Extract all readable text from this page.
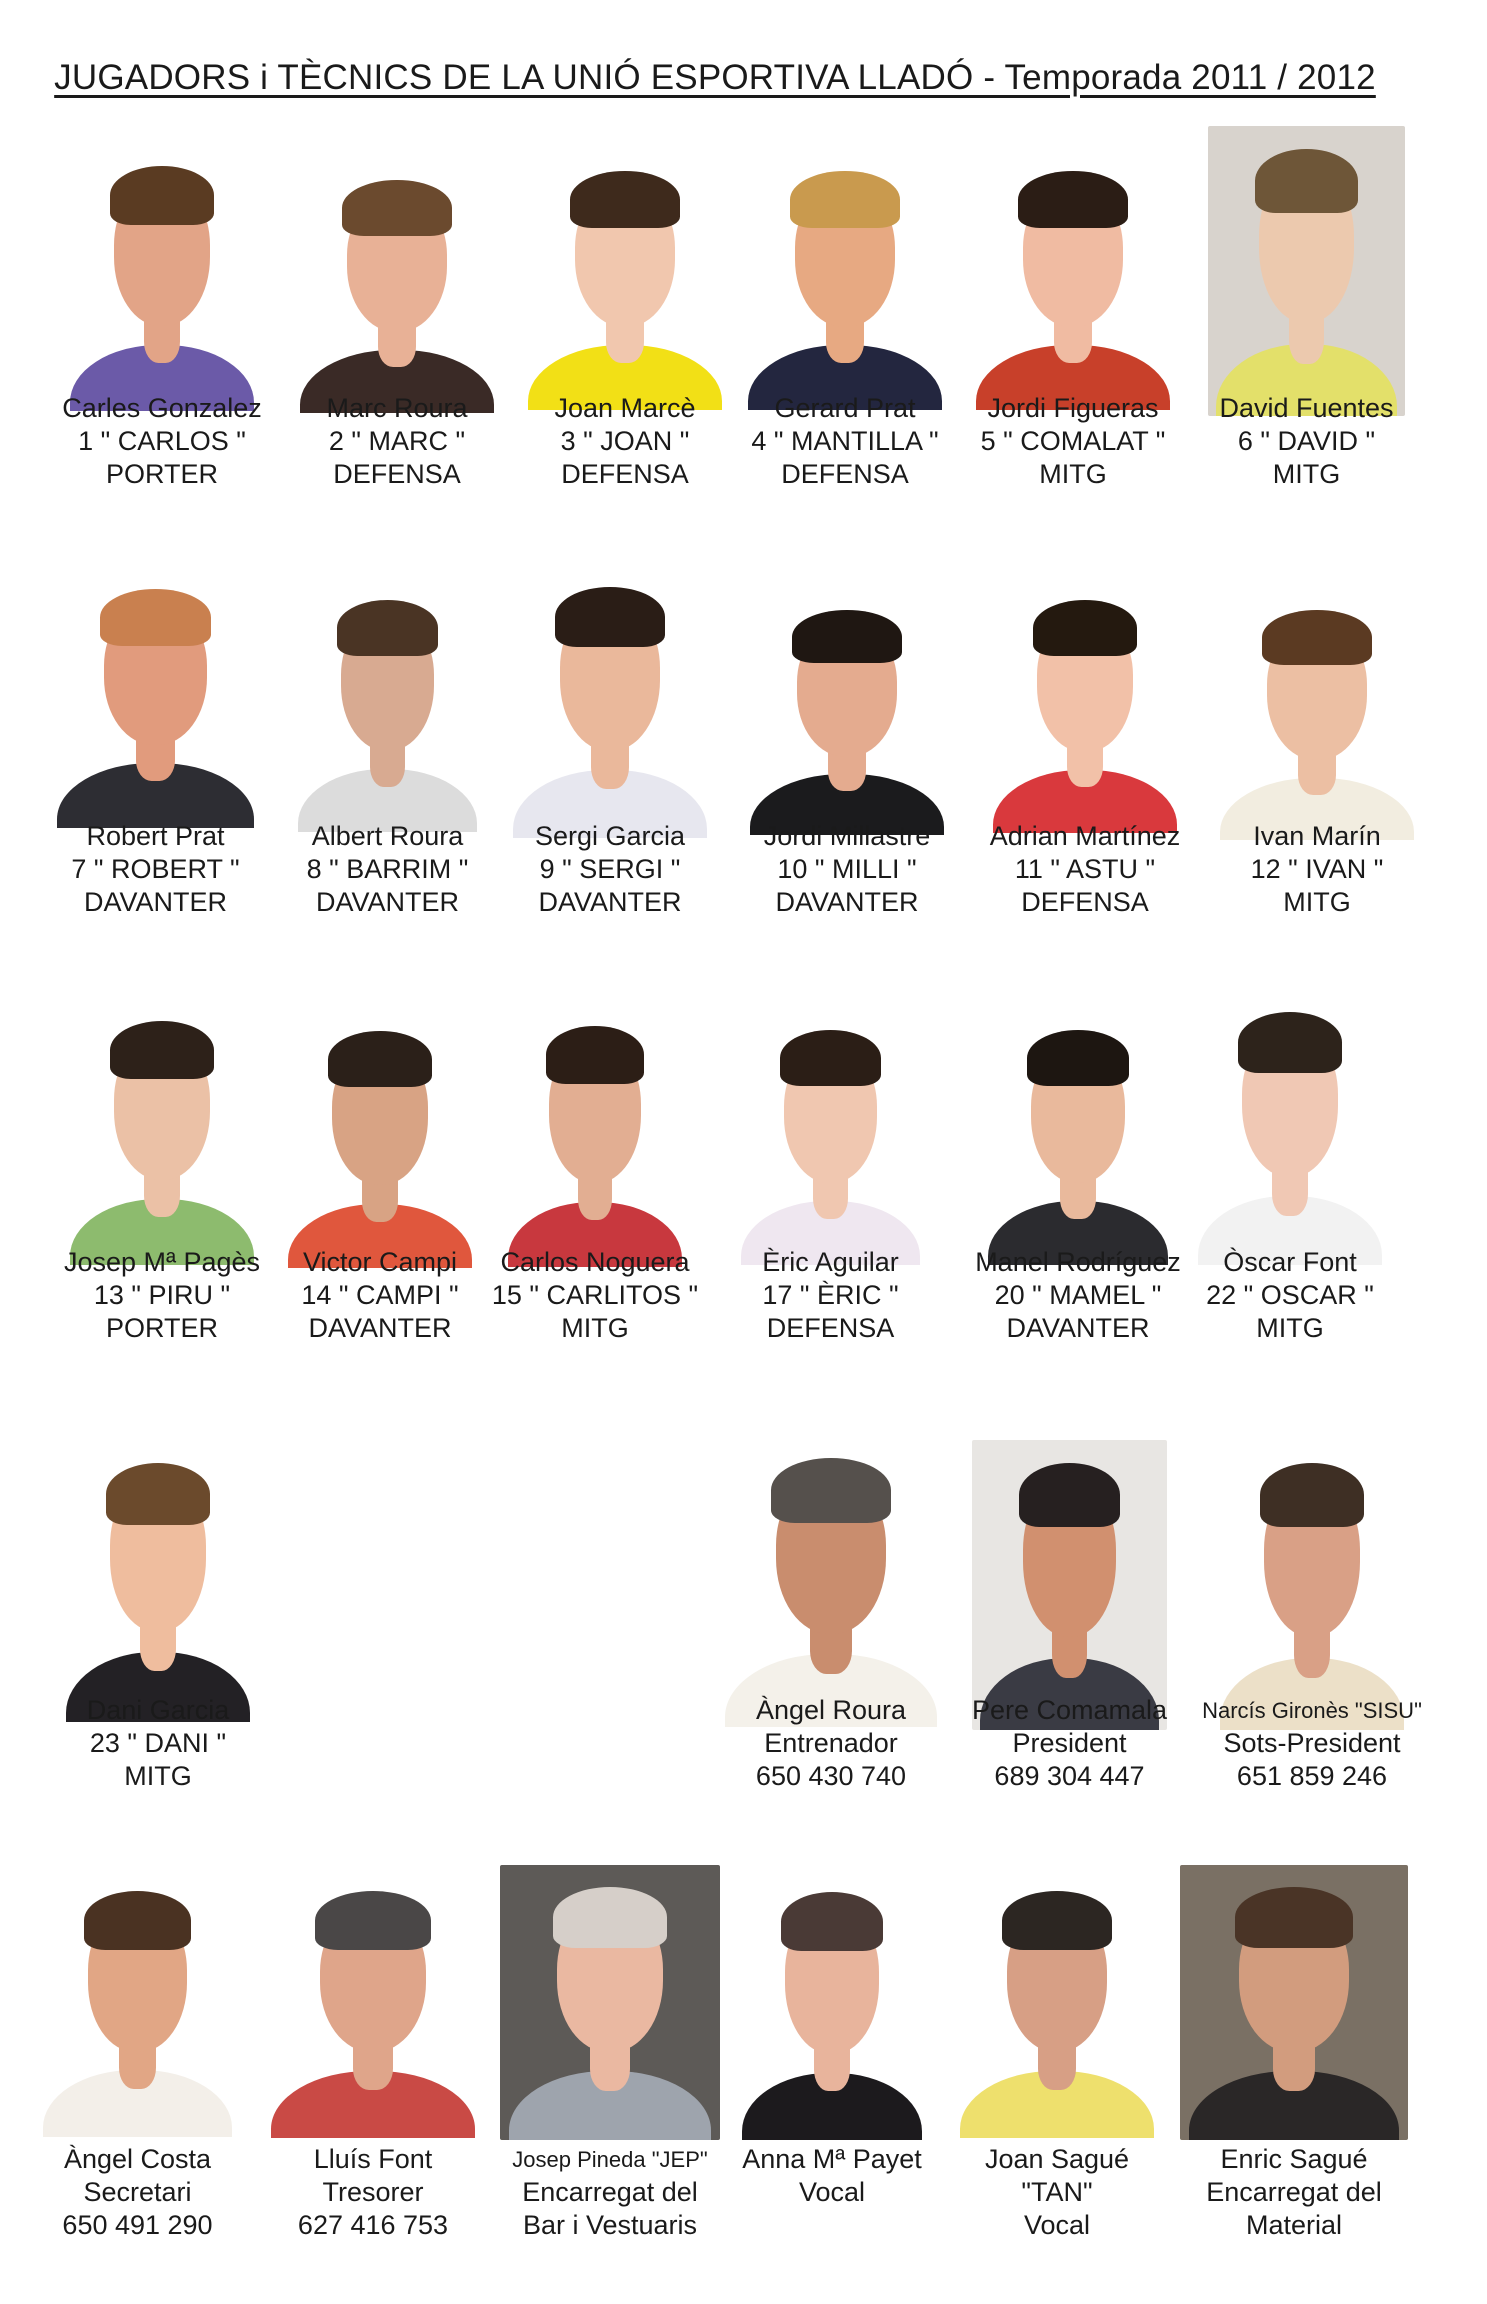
JUGADORS i TÈCNICS DE LA UNIÓ ESPORTIVA LLADÓ - Temporada 2011 / 2012
Carles Gonzalez
1 " CARLOS "
PORTER
Marc Roura
2 " MARC "
DEFENSA
Joan Marcè
3 " JOAN "
DEFENSA
Gerard Prat
4 " MANTILLA "
DEFENSA
Jordi Figueras
5 " COMALAT "
MITG
David Fuentes
6 " DAVID "
MITG
Robert Prat
7 " ROBERT "
DAVANTER
Albert Roura
8 " BARRIM "
DAVANTER
Sergi Garcia
9 " SERGI "
DAVANTER
Jordi Millastre
10 " MILLI "
DAVANTER
Adrian Martínez
11 " ASTU "
DEFENSA
Ivan Marín
12 " IVAN "
MITG
Josep Mª Pagès
13 " PIRU "
PORTER
Victor Campi
14 " CAMPI "
DAVANTER
Carlos Noguera
15 " CARLITOS "
MITG
Èric Aguilar
17 " ÈRIC "
DEFENSA
Manel Rodríguez
20 " MAMEL "
DAVANTER
Òscar Font
22 " OSCAR "
MITG
Dani Garcia
23 " DANI "
MITG
Àngel Roura
Entrenador
650 430 740
Pere Comamala
President
689 304 447
Narcís Gironès "SISU"
Sots-President
651 859 246
Àngel Costa
Secretari
650 491 290
Lluís Font
Tresorer
627 416 753
Josep Pineda "JEP"
Encarregat del
Bar i Vestuaris
Anna Mª Payet
Vocal
Joan Sagué
"TAN"
Vocal
Enric Sagué
Encarregat del
Material
